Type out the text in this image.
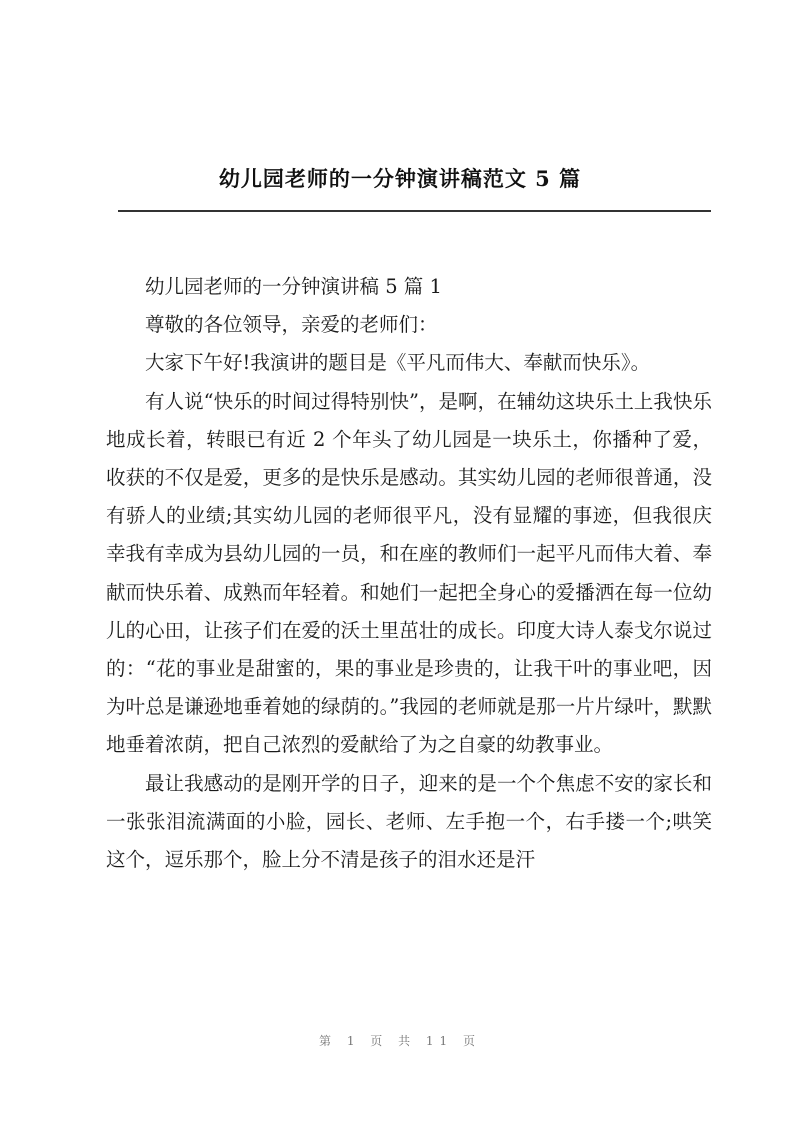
幼儿园老师的一分钟演讲稿范文 5 篇

幼儿园老师的一分钟演讲稿 5 篇 1

尊敬的各位领导，亲爱的老师们：

大家下午好!我演讲的题目是《平凡而伟大、奉献而快乐》。

有人说“快乐的时间过得特别快”，是啊，在辅幼这块乐土上我快乐地成长着，转眼已有近 2 个年头了幼儿园是一块乐土，你播种了爱，收获的不仅是爱，更多的是快乐是感动。其实幼儿园的老师很普通，没有骄人的业绩;其实幼儿园的老师很平凡，没有显耀的事迹，但我很庆幸我有幸成为县幼儿园的一员，和在座的教师们一起平凡而伟大着、奉献而快乐着、成熟而年轻着。和她们一起把全身心的爱播洒在每一位幼儿的心田，让孩子们在爱的沃土里茁壮的成长。印度大诗人泰戈尔说过的：“花的事业是甜蜜的，果的事业是珍贵的，让我干叶的事业吧，因为叶总是谦逊地垂着她的绿荫的。”我园的老师就是那一片片绿叶，默默地垂着浓荫，把自己浓烈的爱献给了为之自豪的幼教事业。

最让我感动的是刚开学的日子，迎来的是一个个焦虑不安的家长和一张张泪流满面的小脸，园长、老师、左手抱一个，右手搂一个;哄笑这个，逗乐那个，脸上分不清是孩子的泪水还是汗

第 1 页 共 11 页
